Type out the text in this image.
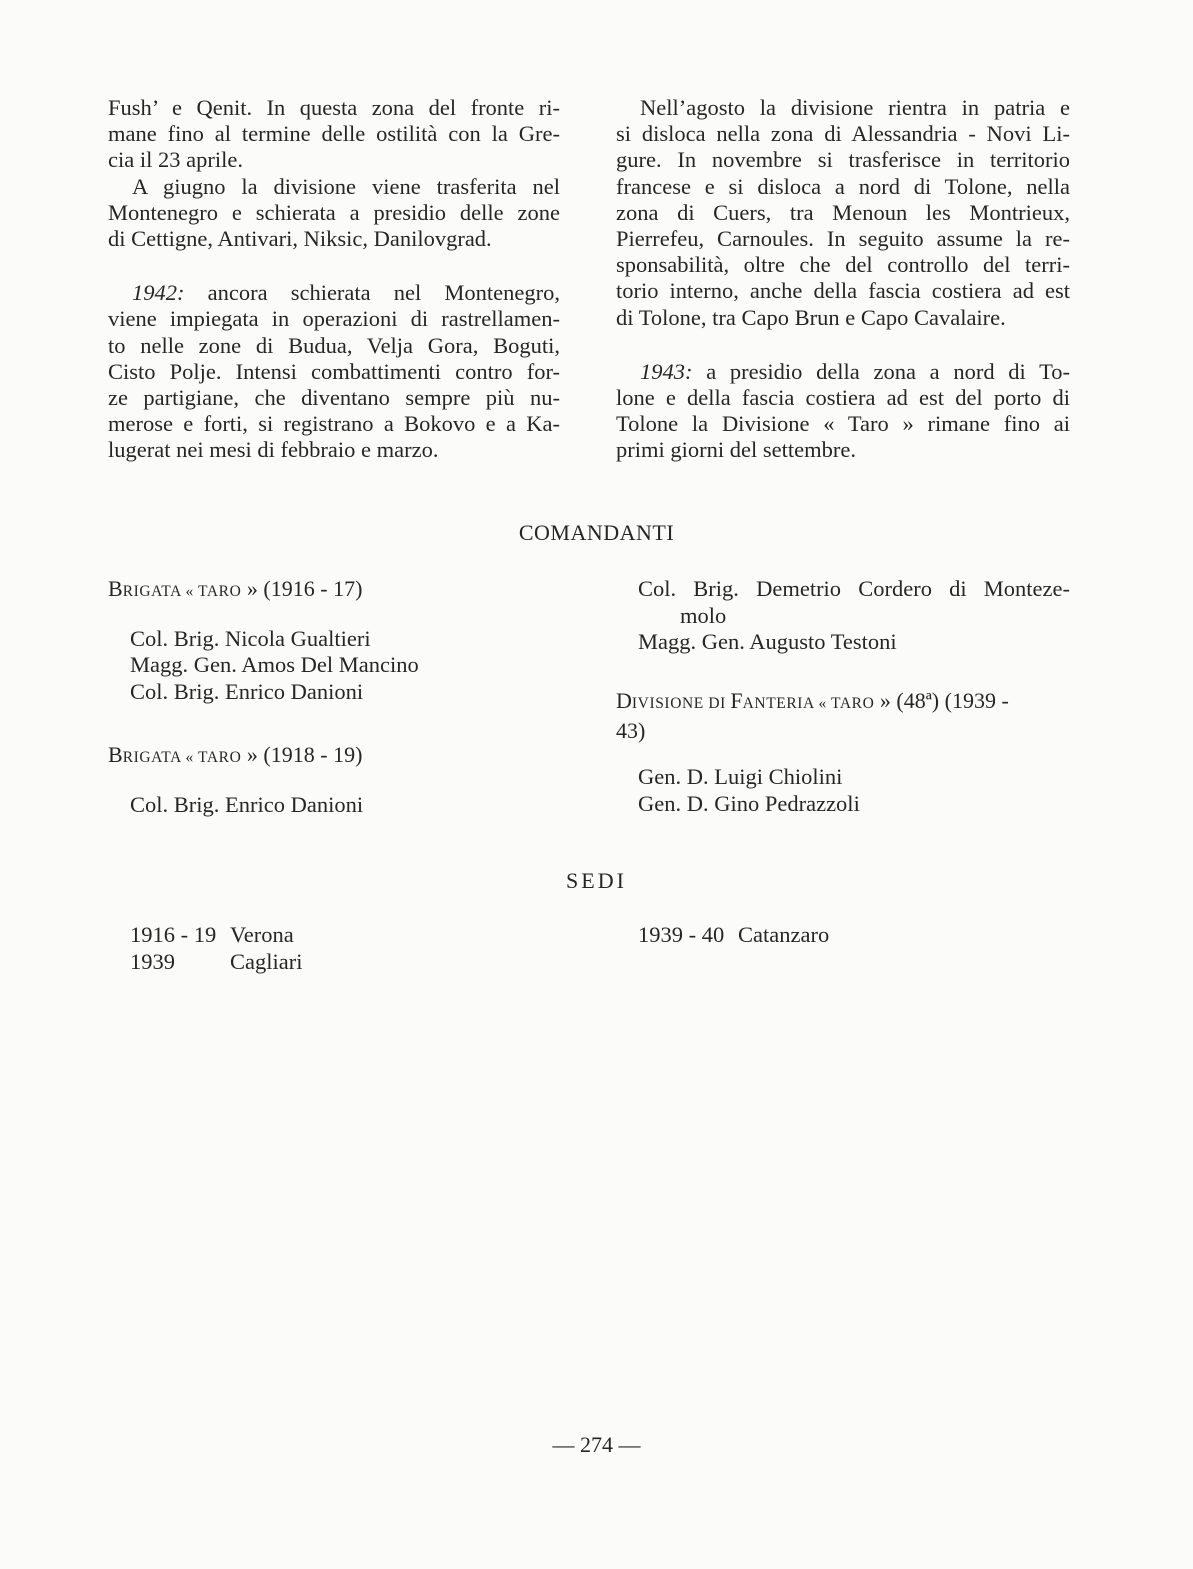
Fush’ e Qenit. In questa zona del fronte ri-
mane fino al termine delle ostilità con la Gre-
cia il 23 aprile.

A giugno la divisione viene trasferita nel
Montenegro e schierata a presidio delle zone
di Cettigne, Antivari, Niksic, Danilovgrad.

1942: ancora schierata nel Montenegro,
viene impiegata in operazioni di rastrellamen-
to nelle zone di Budua, Velja Gora, Boguti,
Cisto Polje. Intensi combattimenti contro for-
ze partigiane, che diventano sempre più nu-
merose e forti, si registrano a Bokovo e a Ka-
lugerat nei mesi di febbraio e marzo.

Nell’agosto la divisione rientra in patria e
si disloca nella zona di Alessandria - Novi Li-
gure. In novembre si trasferisce in territorio
francese e si disloca a nord di Tolone, nella
zona di Cuers, tra Menoun les Montrieux,
Pierrefeu, Carnoules. In seguito assume la re-
sponsabilità, oltre che del controllo del terri-
torio interno, anche della fascia costiera ad est
di Tolone, tra Capo Brun e Capo Cavalaire.

1943: a presidio della zona a nord di To-
lone e della fascia costiera ad est del porto di
Tolone la Divisione « Taro » rimane fino ai
primi giorni del settembre.

COMANDANTI
BRIGATA « TARO » (1916 - 17)
Col. Brig. Nicola Gualtieri
Magg. Gen. Amos Del Mancino
Col. Brig. Enrico Danioni
BRIGATA « TARO » (1918 - 19)
Col. Brig. Enrico Danioni
Col. Brig. Demetrio Cordero di Monteze-
molo
Magg. Gen. Augusto Testoni
DIVISIONE DI FANTERIA « TARO » (48ª) (1939 -
43)
Gen. D. Luigi Chiolini
Gen. D. Gino Pedrazzoli
SEDI
1916 - 19 Verona
1939	Cagliari
1939 - 40 Catanzaro
— 274 —
